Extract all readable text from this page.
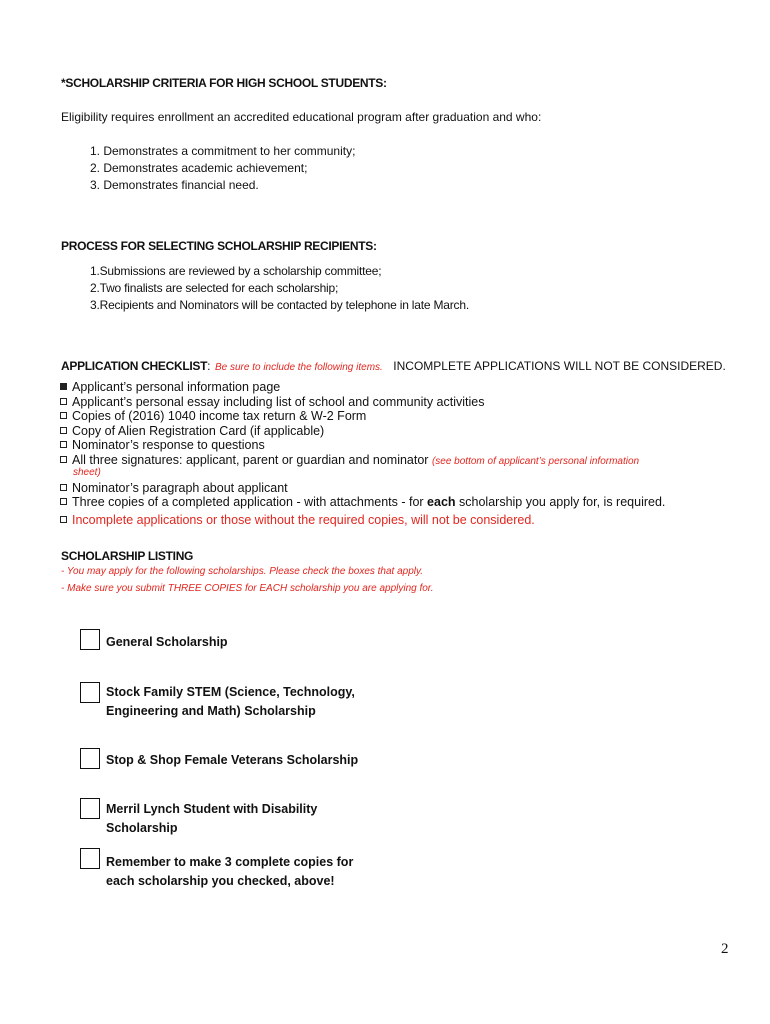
*SCHOLARSHIP CRITERIA FOR HIGH SCHOOL STUDENTS:
Eligibility requires enrollment an accredited educational program after graduation and who:
1. Demonstrates a commitment to her community;
2. Demonstrates academic achievement;
3. Demonstrates financial need.
PROCESS FOR SELECTING SCHOLARSHIP RECIPIENTS:
1.Submissions are reviewed by a scholarship committee;
2.Two finalists are selected for each scholarship;
3.Recipients and Nominators will be contacted by telephone in late March.
APPLICATION CHECKLIST: Be sure to include the following items. INCOMPLETE APPLICATIONS WILL NOT BE CONSIDERED.
Applicant’s personal information page
Applicant’s personal essay including list of school and community activities
Copies of (2016) 1040 income tax return & W-2 Form
Copy of Alien Registration Card (if applicable)
Nominator’s response to questions
All three signatures: applicant, parent or guardian and nominator (see bottom of applicant’s personal information
sheet)
Nominator’s paragraph about applicant
Three copies of a completed application - with attachments - for each scholarship you apply for, is required.
Incomplete applications or those without the required copies, will not be considered.
SCHOLARSHIP LISTING
- You may apply for the following scholarships. Please check the boxes that apply.
- Make sure you submit THREE COPIES for EACH scholarship you are applying for.
General Scholarship
Stock Family STEM (Science, Technology,
Engineering and Math) Scholarship
Stop & Shop Female Veterans Scholarship
Merril Lynch Student with Disability
Scholarship
Remember to make 3 complete copies for
each scholarship you checked, above!
2
